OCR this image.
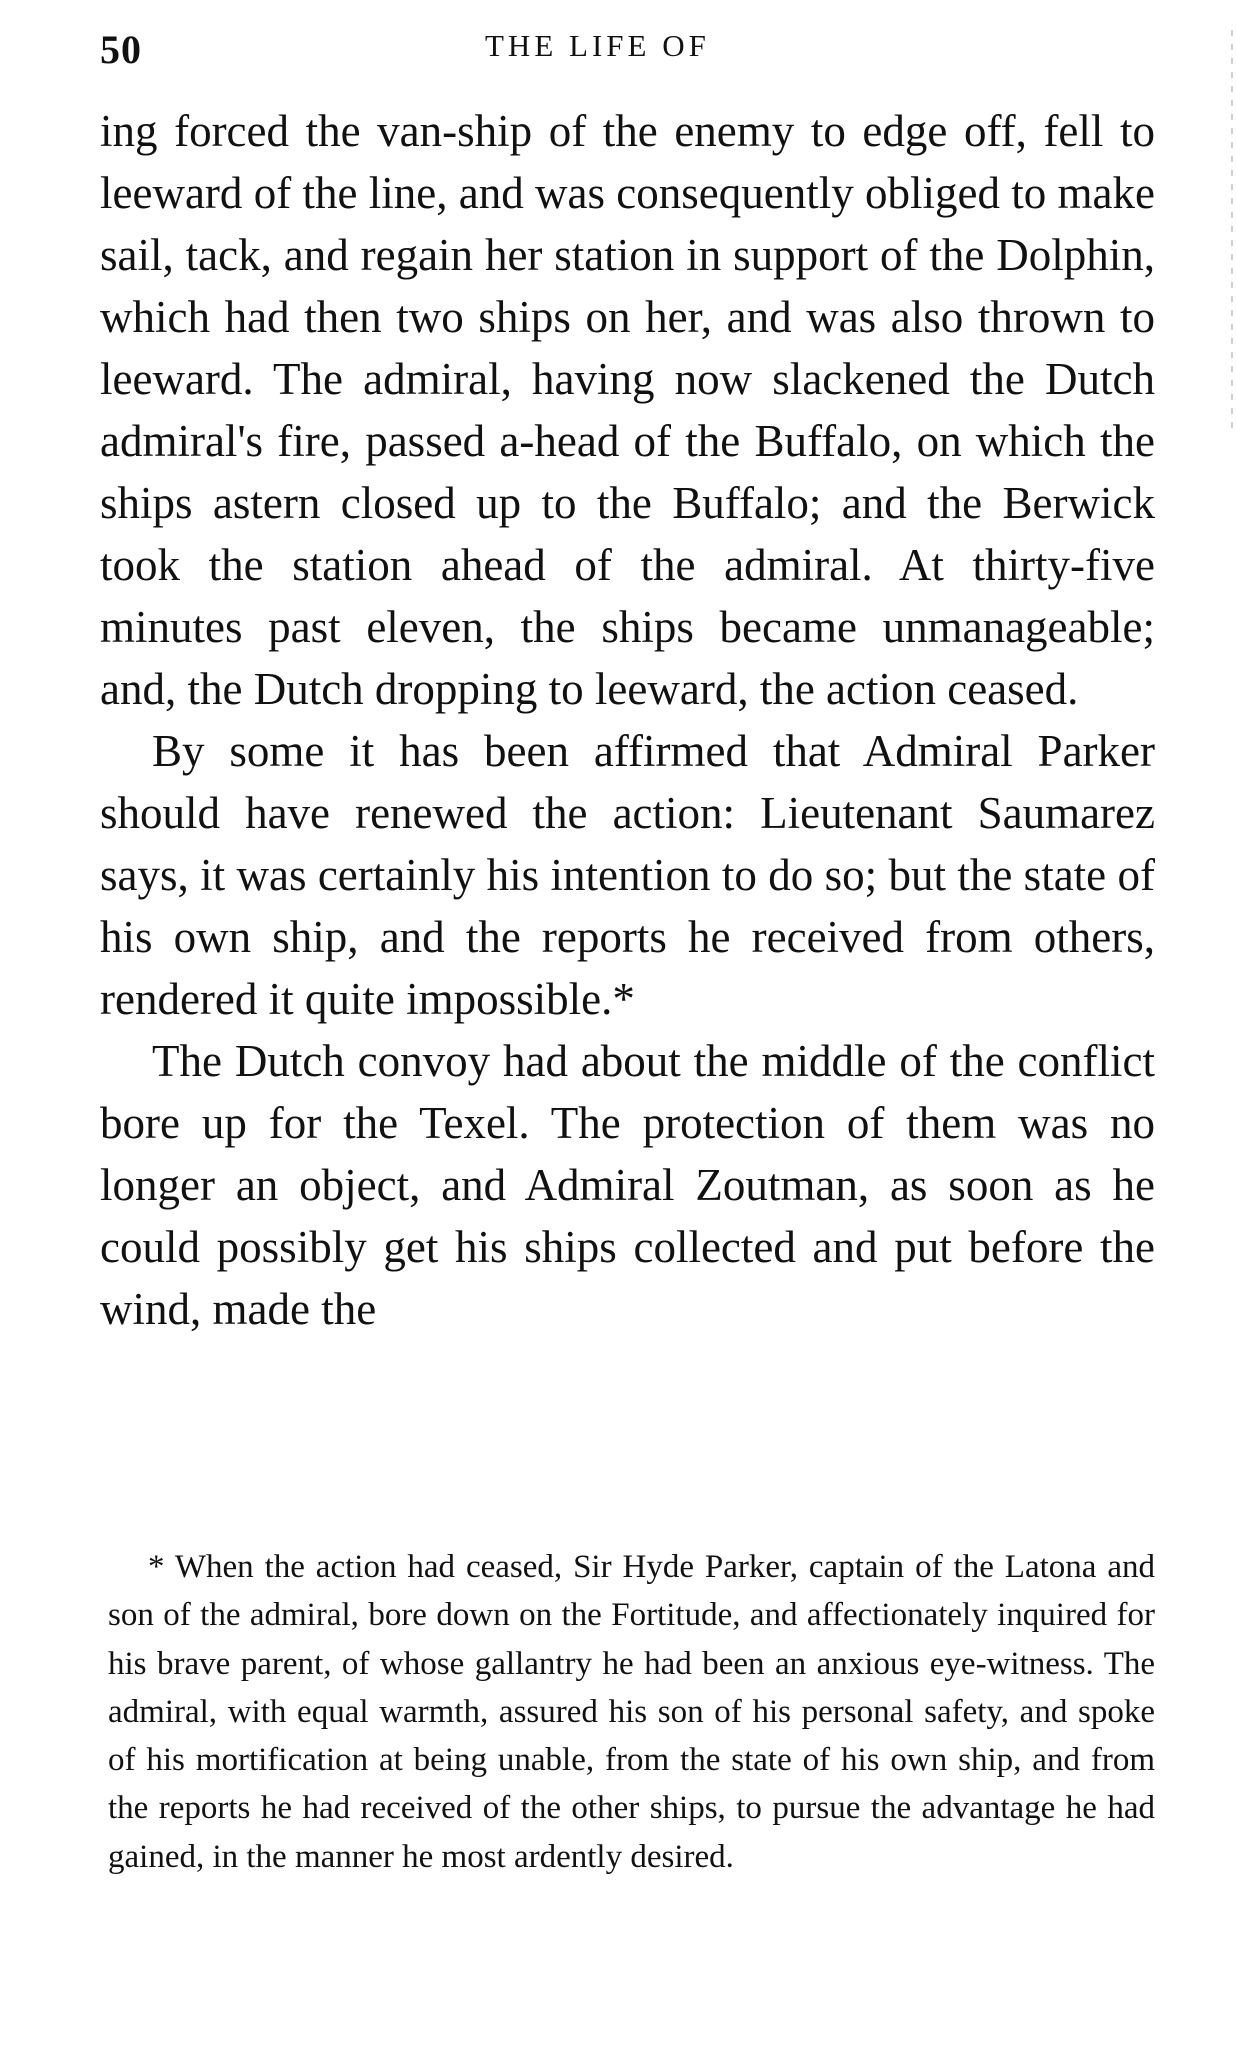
50	THE LIFE OF

ing forced the van-ship of the enemy to edge off, fell to leeward of the line, and was consequently obliged to make sail, tack, and regain her station in support of the Dolphin, which had then two ships on her, and was also thrown to leeward. The admiral, having now slackened the Dutch admiral's fire, passed a-head of the Buffalo, on which the ships astern closed up to the Buffalo; and the Berwick took the station ahead of the admiral. At thirty-five minutes past eleven, the ships became unmanageable; and, the Dutch dropping to leeward, the action ceased.

By some it has been affirmed that Admiral Parker should have renewed the action: Lieutenant Saumarez says, it was certainly his intention to do so; but the state of his own ship, and the reports he received from others, rendered it quite impossible.*

The Dutch convoy had about the middle of the conflict bore up for the Texel. The protection of them was no longer an object, and Admiral Zoutman, as soon as he could possibly get his ships collected and put before the wind, made the

* When the action had ceased, Sir Hyde Parker, captain of the Latona and son of the admiral, bore down on the Fortitude, and affectionately inquired for his brave parent, of whose gallantry he had been an anxious eye-witness. The admiral, with equal warmth, assured his son of his personal safety, and spoke of his mortification at being unable, from the state of his own ship, and from the reports he had received of the other ships, to pursue the advantage he had gained, in the manner he most ardently desired.
